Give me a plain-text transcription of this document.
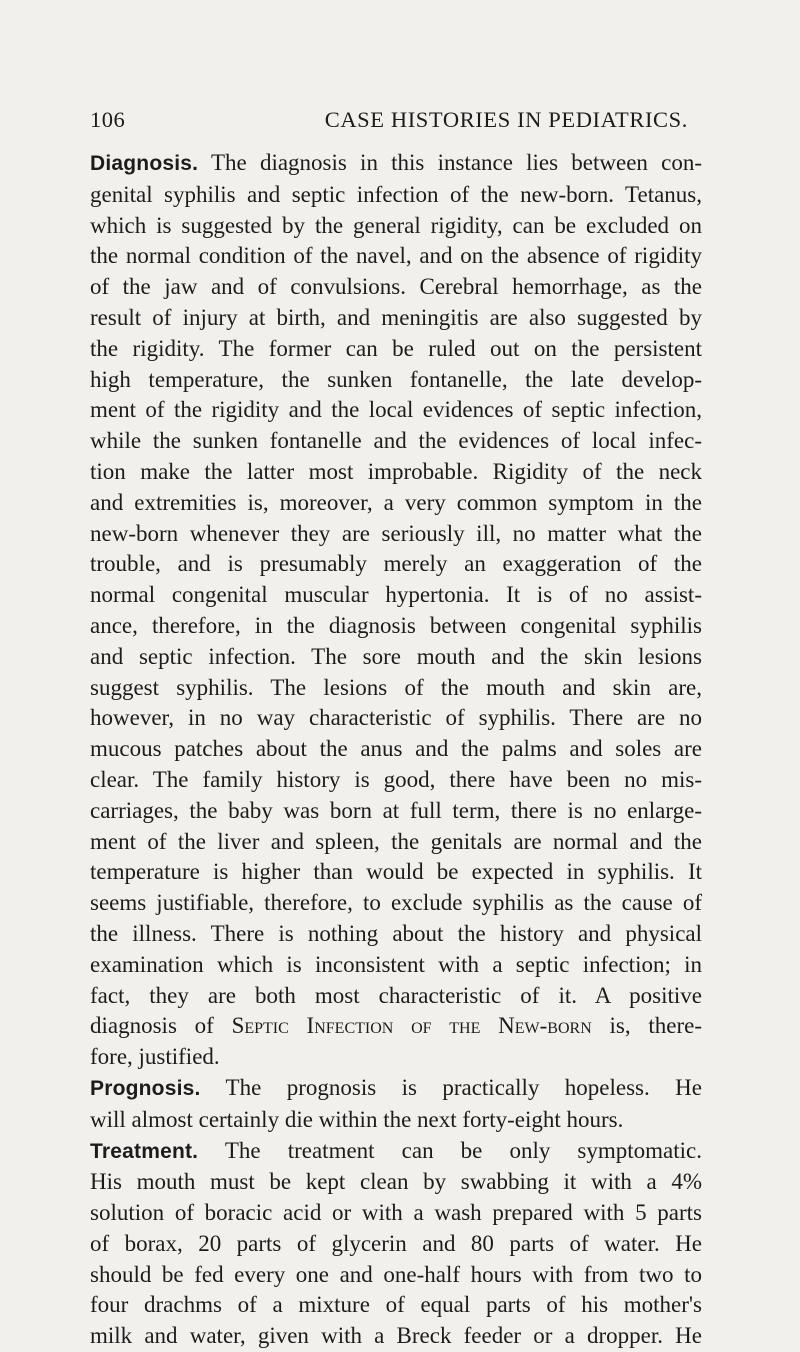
106	CASE HISTORIES IN PEDIATRICS.
Diagnosis. The diagnosis in this instance lies between con-
genital syphilis and septic infection of the new-born. Tetanus,
which is suggested by the general rigidity, can be excluded on
the normal condition of the navel, and on the absence of rigidity
of the jaw and of convulsions. Cerebral hemorrhage, as the
result of injury at birth, and meningitis are also suggested by
the rigidity. The former can be ruled out on the persistent
high temperature, the sunken fontanelle, the late develop-
ment of the rigidity and the local evidences of septic infection,
while the sunken fontanelle and the evidences of local infec-
tion make the latter most improbable. Rigidity of the neck
and extremities is, moreover, a very common symptom in the
new-born whenever they are seriously ill, no matter what the
trouble, and is presumably merely an exaggeration of the
normal congenital muscular hypertonia. It is of no assist-
ance, therefore, in the diagnosis between congenital syphilis
and septic infection. The sore mouth and the skin lesions
suggest syphilis. The lesions of the mouth and skin are,
however, in no way characteristic of syphilis. There are no
mucous patches about the anus and the palms and soles are
clear. The family history is good, there have been no mis-
carriages, the baby was born at full term, there is no enlarge-
ment of the liver and spleen, the genitals are normal and the
temperature is higher than would be expected in syphilis. It
seems justifiable, therefore, to exclude syphilis as the cause of
the illness. There is nothing about the history and physical
examination which is inconsistent with a septic infection; in
fact, they are both most characteristic of it. A positive
diagnosis of Septic Infection of the New-born is, there-
fore, justified.
Prognosis. The prognosis is practically hopeless. He
will almost certainly die within the next forty-eight hours.
Treatment. The treatment can be only symptomatic.
His mouth must be kept clean by swabbing it with a 4%
solution of boracic acid or with a wash prepared with 5 parts
of borax, 20 parts of glycerin and 80 parts of water. He
should be fed every one and one-half hours with from two to
four drachms of a mixture of equal parts of his mother's
milk and water, given with a Breck feeder or a dropper. He
